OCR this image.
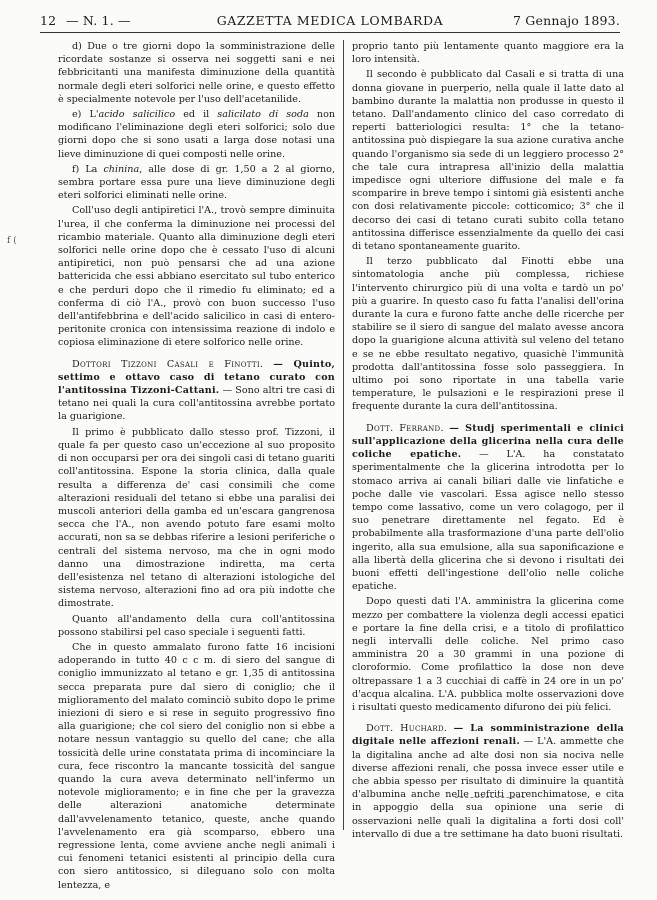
12 — N. 1. —	GAZZETTA MEDICA LOMBARDA	7 Gennajo 1893.
f (

d) Due o tre giorni dopo la somministrazione delle ricordate sostanze si osserva nei soggetti sani e nei febbricitanti una manifesta diminuzione della quantità normale degli eteri solforici nelle orine, e questo effetto è specialmente notevole per l'uso dell'acetanilide.

e) L'acido salicilico ed il salicilato di soda non modificano l'eliminazione degli eteri solforici; solo due giorni dopo che si sono usati a larga dose notasi una lieve diminuzione di quei composti nelle orine.

f) La chinina, alle dose di gr. 1,50 a 2 al giorno, sembra portare essa pure una lieve diminuzione degli eteri solforici eliminati nelle orine.

Coll'uso degli antipiretici l'A., trovò sempre diminuita l'urea, il che conferma la diminuzione nei processi del ricambio materiale. Quanto alla diminuzione degli eteri solforici nelle orine dopo che è cessato l'uso di alcuni antipiretici, non può pensarsi che ad una azione battericida che essi abbiano esercitato sul tubo enterico e che perduri dopo che il rimedio fu eliminato; ed a conferma di ciò l'A., provò con buon successo l'uso dell'antifebbrina e dell'acido salicilico in casi di entero-peritonite cronica con intensissima reazione di indolo e copiosa eliminazione di etere solforico nelle orine.

Dottori Tizzoni Casali e Finotti. — Quinto, settimo e ottavo caso di tetano curato con l'antitossina Tizzoni-Cattani. — Sono altri tre casi di tetano nei quali la cura coll'antitossina avrebbe portato la guarigione.

Il primo è pubblicato dallo stesso prof. Tizzoni, il quale fa per questo caso un'eccezione al suo proposito di non occuparsi per ora dei singoli casi di tetano guariti coll'antitossina. Espone la storia clinica, dalla quale resulta a differenza de' casi consimili che come alterazioni residuali del tetano si ebbe una paralisi dei muscoli anteriori della gamba ed un'escara gangrenosa secca che l'A., non avendo potuto fare esami molto accurati, non sa se debbas riferire a lesioni periferiche o centrali del sistema nervoso, ma che in ogni modo danno una dimostrazione indiretta, ma certa dell'esistenza nel tetano di alterazioni istologiche del sistema nervoso, alterazioni fino ad ora più indotte che dimostrate.

Quanto all'andamento della cura coll'antitossina possono stabilirsi pel caso speciale i seguenti fatti.

Che in questo ammalato furono fatte 16 incisioni adoperando in tutto 40 c c m. di siero del sangue di coniglio immunizzato al tetano e gr. 1,35 di antitossina secca preparata pure dal siero di coniglio; che il miglioramento del malato cominciò subito dopo le prime iniezioni di siero e si rese in seguito progressivo fino alla guarigione; che col siero del coniglio non si ebbe a notare nessun vantaggio su quello del cane; che alla tossicità delle urine constatata prima di incominciare la cura, fece riscontro la mancante tossicità del sangue quando la cura aveva determinato nell'infermo un notevole miglioramento; e in fine che per la gravezza delle alterazioni anatomiche determinate dall'avvelenamento tetanico, queste, anche quando l'avvelenamento era già scomparso, ebbero una regressione lenta, come avviene anche negli animali i cui fenomeni tetanici esistenti al principio della cura con siero antitossico, si dileguano solo con molta lentezza, e

proprio tanto più lentamente quanto maggiore era la loro intensità.

Il secondo è pubblicato dal Casali e si tratta di una donna giovane in puerperio, nella quale il latte dato al bambino durante la malattia non produsse in questo il tetano. Dall'andamento clinico del caso corredato di reperti batteriologici resulta: 1° che la tetano-antitossina può dispiegare la sua azione curativa anche quando l'organismo sia sede di un leggiero processo 2° che tale cura intrapresa all'inizio della malattia impedisce ogni ulteriore diffusione del male e fa scomparire in breve tempo i sintomi già esistenti anche con dosi relativamente piccole: cotticomico; 3° che il decorso dei casi di tetano curati subito colla tetano antitossina differisce essenzialmente da quello dei casi di tetano spontaneamente guarito.

Il terzo pubblicato dal Finotti ebbe una sintomatologia anche più complessa, richiese l'intervento chirurgico più di una volta e tardò un po' più a guarire. In questo caso fu fatta l'analisi dell'orina durante la cura e furono fatte anche delle ricerche per stabilire se il siero di sangue del malato avesse ancora dopo la guarigione alcuna attività sul veleno del tetano e se ne ebbe resultato negativo, quasichè l'immunità prodotta dall'antitossina fosse solo passeggiera. In ultimo poi sono riportate in una tabella varie temperature, le pulsazioni e le respirazioni prese il frequente durante la cura dell'antitossina.

Dott. Ferrand. — Studj sperimentali e clinici sull'applicazione della glicerina nella cura delle coliche epatiche. — L'A. ha constatato sperimentalmente che la glicerina introdotta per lo stomaco arriva ai canali biliari dalle vie linfatiche e poche dalle vie vascolari. Essa agisce nello stesso tempo come lassativo, come un vero colagogo, per il suo penetrare direttamente nel fegato. Ed è probabilmente alla trasformazione d'una parte dell'olio ingerito, alla sua emulsione, alla sua saponificazione e alla libertà della glicerina che si devono i risultati dei buoni effetti dell'ingestione dell'olio nelle coliche epatiche.

Dopo questi dati l'A. amministra la glicerina come mezzo per combattere la violenza degli accessi epatici e portare la fine della crisi, e a titolo di profilattico negli intervalli delle coliche. Nel primo caso amministra 20 a 30 grammi in una pozione di cloroformio. Come profilattico la dose non deve oltrepassare 1 a 3 cucchiai di caffè in 24 ore in un po' d'acqua alcalina. L'A. pubblica molte osservazioni dove i risultati questo medicamento difurono dei più felici.

Dott. Huchard. — La somministrazione della digitale nelle affezioni renali. — L'A. ammette che la digitalina anche ad alte dosi non sia nociva nelle diverse affezioni renali, che possa invece esser utile e che abbia spesso per risultato di diminuire la quantità d'albumina anche nelle nefriti parenchimatose, e cita in appoggio della sua opinione una serie di osservazioni nelle quali la digitalina a forti dosi coll' intervallo di due a tre settimane ha dato buoni risultati.
